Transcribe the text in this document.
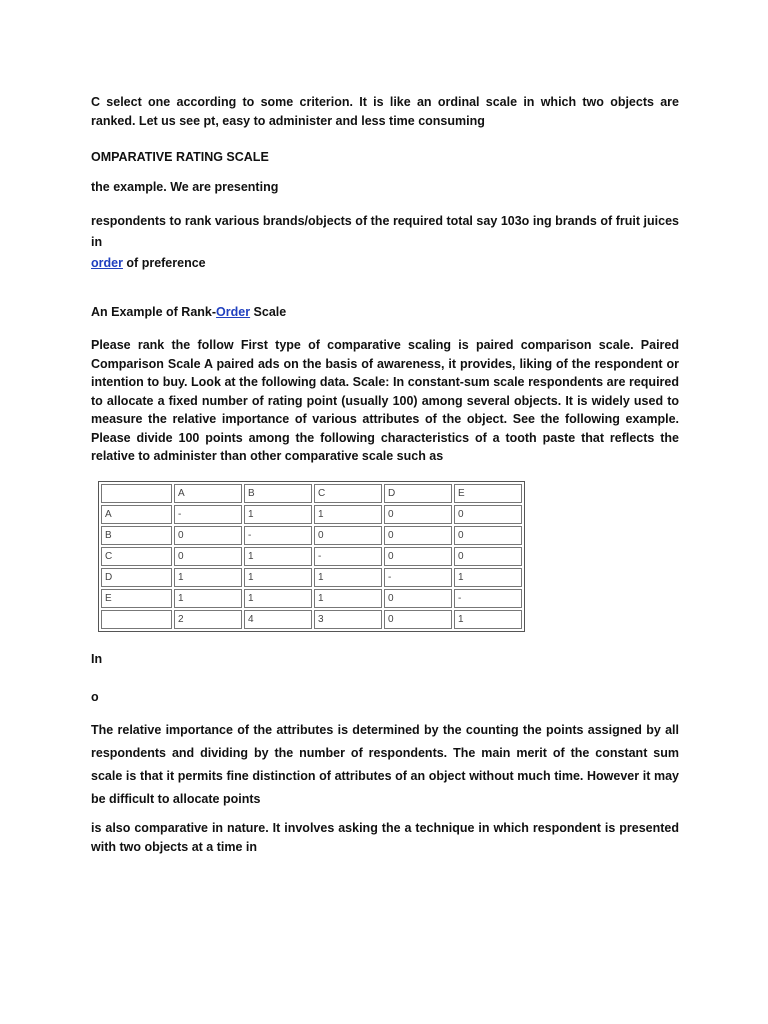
C select one according to some criterion. It is like an ordinal scale in which two objects are ranked. Let us see pt, easy to administer and less time consuming
OMPARATIVE RATING SCALE
the example. We are presenting
respondents to rank various brands/objects of the required total say 103o ing brands of fruit juices in
order of preference
An Example of Rank-Order Scale
Please rank the follow First type of comparative scaling is paired comparison scale. Paired Comparison Scale A paired ads on the basis of awareness, it provides, liking of the respondent or intention to buy. Look at the following data. Scale: In constant-sum scale respondents are required to allocate a fixed number of rating point (usually 100) among several objects. It is widely used to measure the relative importance of various attributes of the object. See the following example. Please divide 100 points among the following characteristics of a tooth paste that reflects the relative to administer than other comparative scale such as
	A	B	C	D	E
A	-	1	1	0	0
B	0	-	0	0	0
C	0	1	-	0	0
D	1	1	1	-	1
E	1	1	1	0	-
	2	4	3	0	1
In
o
The relative importance of the attributes is determined by the counting the points assigned by all respondents and dividing by the number of respondents. The main merit of the constant sum scale is that it permits fine distinction of attributes of an object without much time. However it may be difficult to allocate points
is also comparative in nature. It involves asking the a technique in which respondent is presented with two objects at a time in
